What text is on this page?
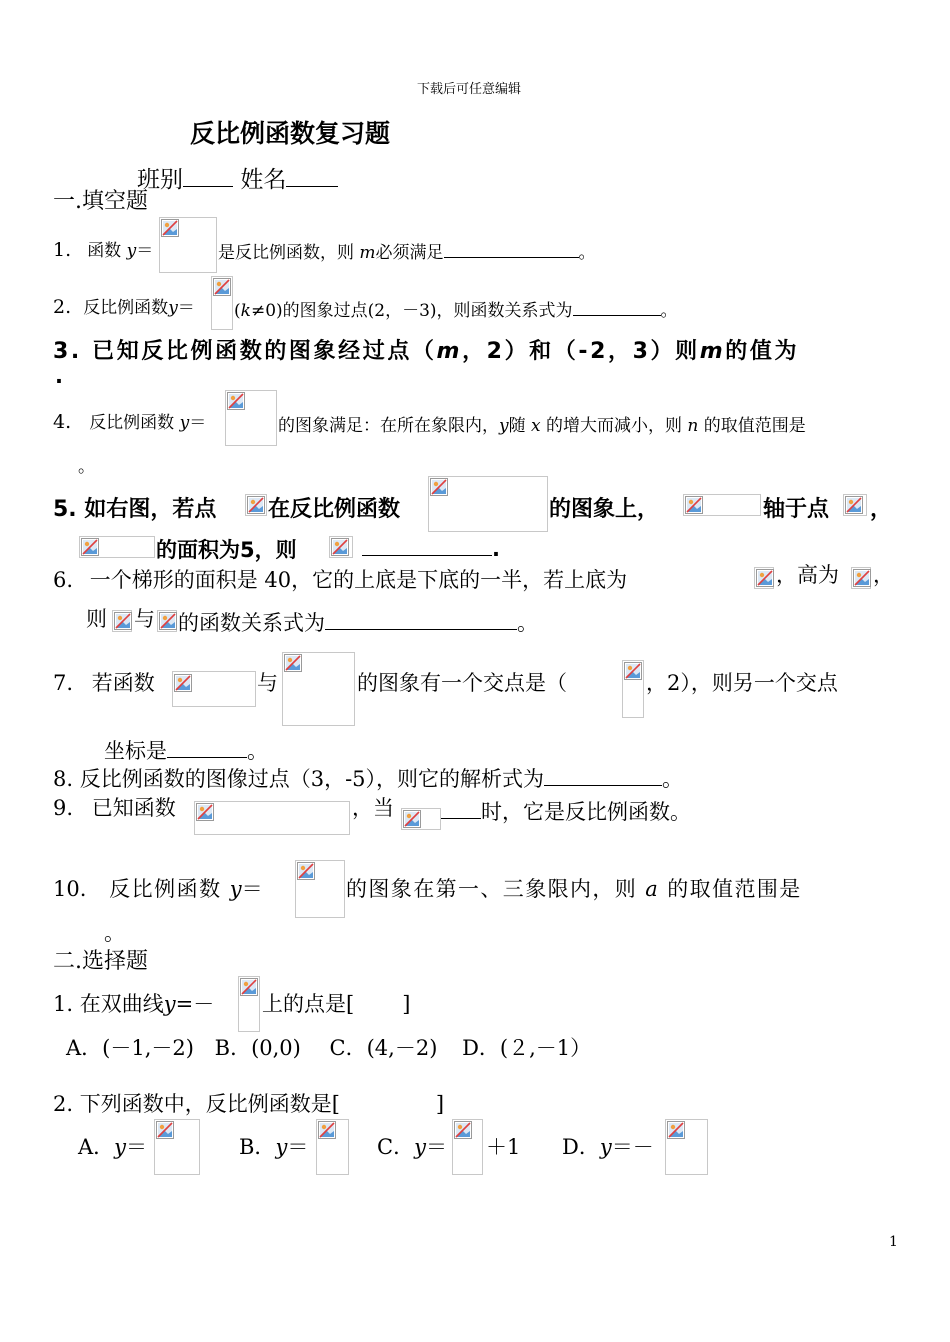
下载后可任意编辑
反比例函数复习题
班别 姓名
一.填空题
1. 函数 y＝	是反比例函数，则 m必须满足	。
2. 反比例函数y＝ (k≠0)的图象过点(2，－3)，则函数关系式为	。
3. 已知反比例函数的图象经过点（m，2）和（-2，3）则m的值为
.
4. 反比例函数 y＝	的图象满足：在所在象限内，y随 x 的增大而减小，则 n 的取值范围是
。
5. 如右图，若点 在反比例函数	的图象上，	轴于点 ，
的面积为5，则	.
6. 一个梯形的面积是 40，它的上底是下底的一半，若上底为	，高为 ，
则 与 的函数关系式为	。
7. 若函数	与	的图象有一个交点是（	，2），则另一个交点
坐标是	。
8. 反比例函数的图像过点（3，-5），则它的解析式为	。
9. 已知函数	，当	时，它是反比例函数。
10. 反比例函数 y＝	的图象在第一、三象限内，则 a 的取值范围是
。
二.选择题
1. 在双曲线y=－ 上的点是[ ]
A．(－1,－2) B．(0,0) C．(4,－2) D．(２,－1）
2. 下列函数中，反比例函数是[	]
A．y＝	B．y＝	C．y＝ ＋1 D．y＝－
1
